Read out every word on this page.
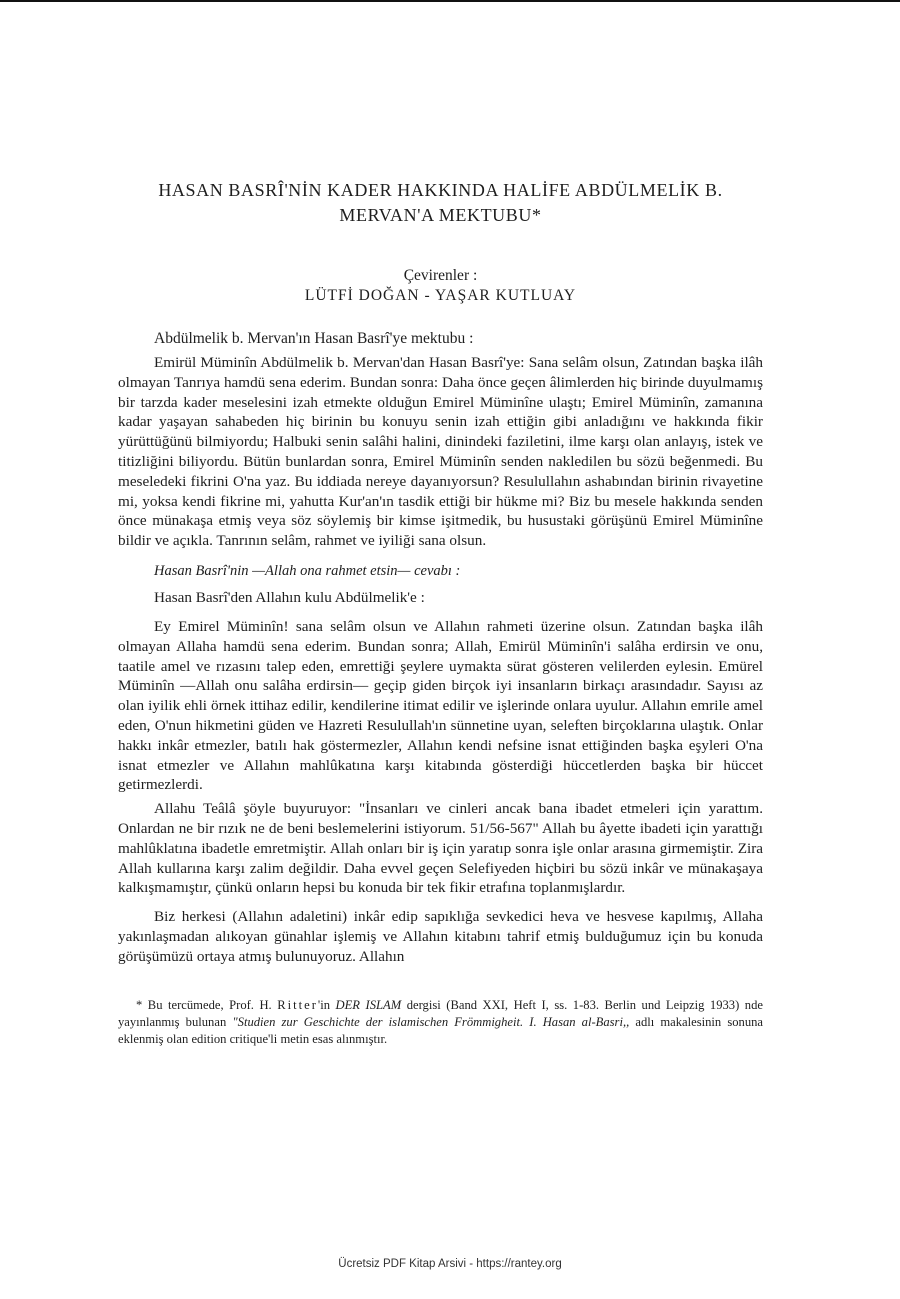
HASAN BASRÎ'NİN KADER HAKKINDA HALİFE ABDÜLMELİK B.
MERVAN'A MEKTUBU*
Çevirenler :
LÜTFİ DOĞAN - YAŞAR KUTLUAY
Abdülmelik b. Mervan'ın Hasan Basrî'ye mektubu :

Emirül Müminîn Abdülmelik b. Mervan'dan Hasan Basrî'ye: Sana selâm olsun, Zatından başka ilâh olmayan Tanrıya hamdü sena ederim. Bundan sonra: Daha önce geçen âlimlerden hiç birinde duyulmamış bir tarzda kader meselesini izah etmekte olduğun Emirel Müminîne ulaştı; Emirel Müminîn, zamanına kadar yaşayan sahabeden hiç birinin bu konuyu senin izah ettiğin gibi anladığını ve hakkında fikir yürüttüğünü bilmiyordu; Halbuki senin salâhi halini, dinindeki faziletini, ilme karşı olan anlayış, istek ve titizliğini biliyordu. Bütün bunlardan sonra, Emirel Müminîn senden nakledilen bu sözü beğenmedi. Bu meseledeki fikrini O'na yaz. Bu iddiada nereye dayanıyorsun? Resulullahın ashabından birinin rivayetine mi, yoksa kendi fikrine mi, yahutta Kur'an'ın tasdik ettiği bir hükme mi? Biz bu mesele hakkında senden önce münakaşa etmiş veya söz söylemiş bir kimse işitmedik, bu husustaki görüşünü Emirel Müminîne bildir ve açıkla. Tanrının selâm, rahmet ve iyiliği sana olsun.

Hasan Basrî'nin —Allah ona rahmet etsin— cevabı :

Hasan Basrî'den Allahın kulu Abdülmelik'e :

Ey Emirel Müminîn! sana selâm olsun ve Allahın rahmeti üzerine olsun. Zatından başka ilâh olmayan Allaha hamdü sena ederim. Bundan sonra; Allah, Emirül Müminîn'i salâha erdirsin ve onu, taatile amel ve rızasını talep eden, emrettiği şeylere uymakta sürat gösteren velilerden eylesin. Emürel Müminîn —Allah onu salâha erdirsin— geçip giden birçok iyi insanların birkaçı arasındadır. Sayısı az olan iyilik ehli örnek ittihaz edilir, kendilerine itimat edilir ve işlerinde onlara uyulur. Allahın emrile amel eden, O'nun hikmetini güden ve Hazreti Resulullah'ın sünnetine uyan, seleften birçoklarına ulaştık. Onlar hakkı inkâr etmezler, batılı hak göstermezler, Allahın kendi nefsine isnat ettiğinden başka eşyleri O'na isnat etmezler ve Allahın mahlûkatına karşı kitabında gösterdiği hüccetlerden başka bir hüccet getirmezlerdi.

Allahu Teâlâ şöyle buyuruyor: "İnsanları ve cinleri ancak bana ibadet etmeleri için yarattım. Onlardan ne bir rızık ne de beni beslemelerini istiyorum. 51/56-567" Allah bu âyette ibadeti için yarattığı mahlûklatına ibadetle emretmiştir. Allah onları bir iş için yaratıp sonra işle onlar arasına girmemiştir. Zira Allah kullarına karşı zalim değildir. Daha evvel geçen Selefiyeden hiçbiri bu sözü inkâr ve münakaşaya kalkışmamıştır, çünkü onların hepsi bu konuda bir tek fikir etrafına toplanmışlardır.

Biz herkesi (Allahın adaletini) inkâr edip sapıklığa sevkedici heva ve hesvese kapılmış, Allaha yakınlaşmadan alıkoyan günahlar işlemiş ve Allahın kitabını tahrif etmiş bulduğumuz için bu konuda görüşümüzü ortaya atmış bulunuyoruz. Allahın

* Bu tercümede, Prof. H. Ritter'in DER ISLAM dergisi (Band XXI, Heft I, ss. 1-83. Berlin und Leipzig 1933) nde yayınlanmış bulunan "Studien zur Geschichte der islamischen Frömmigheit. I. Hasan al-Basri,, adlı makalesinin sonuna eklenmiş olan edition critique'li metin esas alınmıştır.
Ücretsiz PDF Kitap Arsivi - https://rantey.org
